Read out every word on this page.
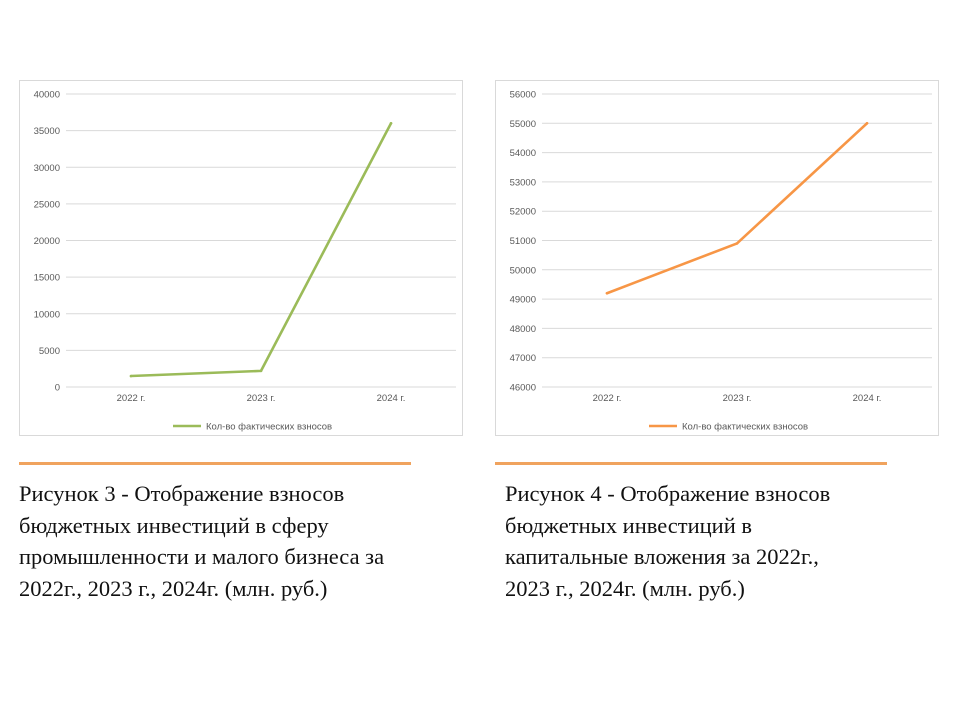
0
5000
10000
15000
20000
25000
30000
35000
40000
2022 г.	2023 г.	2024 г.
Кол-во фактических взносов
46000
47000
48000
49000
50000
51000
52000
53000
54000
55000
56000
2022 г.	2023 г.	2024 г.
Кол-во фактических взносов
Рисунок 3 - Отображение взносов бюджетных инвестиций в сферу промышленности и малого бизнеса за 2022г., 2023 г., 2024г. (млн. руб.)
Рисунок 4 - Отображение взносов бюджетных инвестиций в капитальные вложения за 2022г., 2023 г., 2024г. (млн. руб.)
